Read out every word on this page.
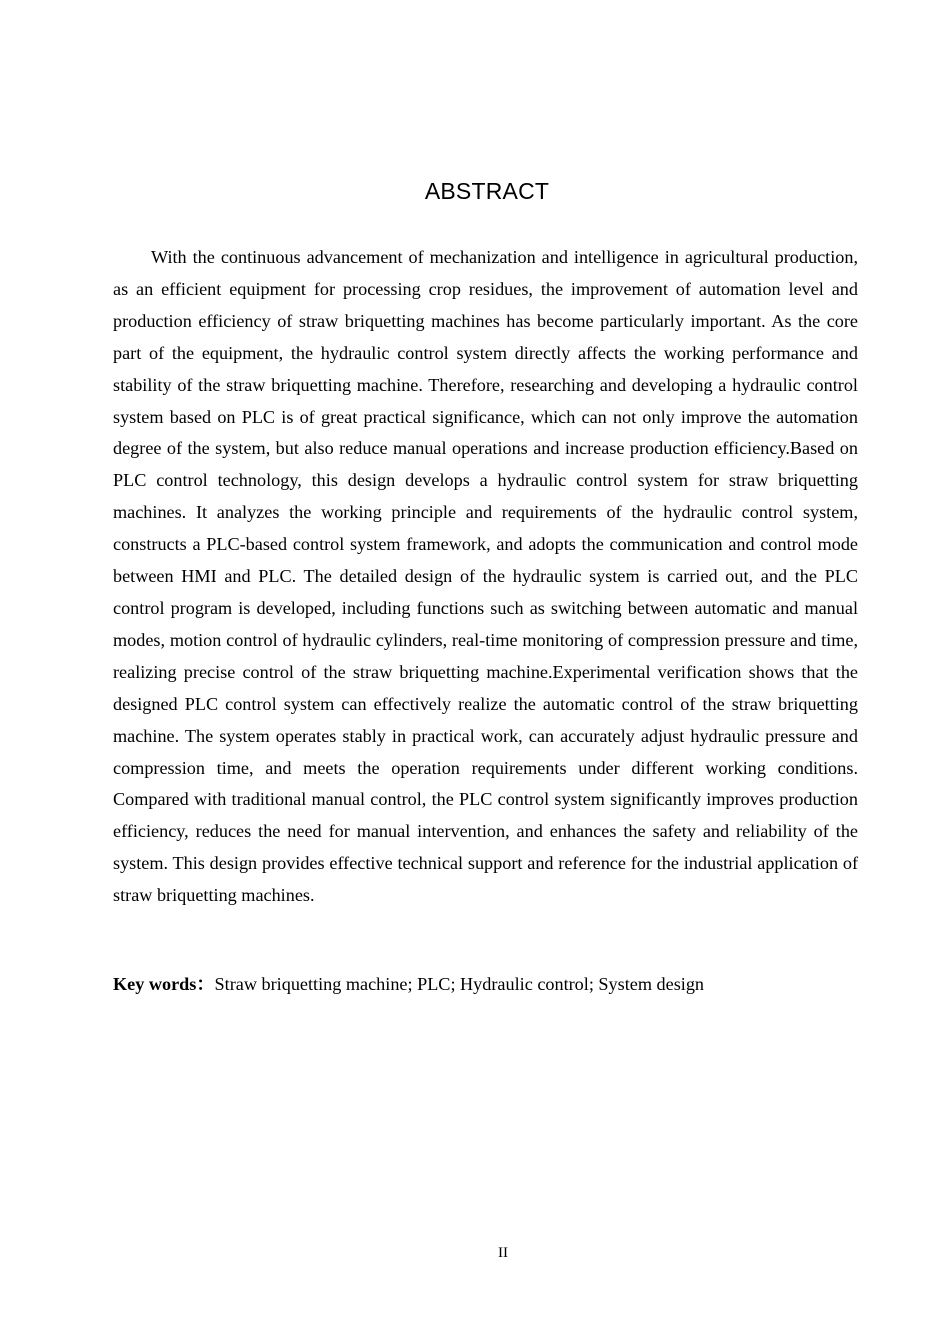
ABSTRACT

With the continuous advancement of mechanization and intelligence in agricultural production, as an efficient equipment for processing crop residues, the improvement of automation level and production efficiency of straw briquetting machines has become particularly important. As the core part of the equipment, the hydraulic control system directly affects the working performance and stability of the straw briquetting machine. Therefore, researching and developing a hydraulic control system based on PLC is of great practical significance, which can not only improve the automation degree of the system, but also reduce manual operations and increase production efficiency.Based on PLC control technology, this design develops a hydraulic control system for straw briquetting machines. It analyzes the working principle and requirements of the hydraulic control system, constructs a PLC-based control system framework, and adopts the communication and control mode between HMI and PLC. The detailed design of the hydraulic system is carried out, and the PLC control program is developed, including functions such as switching between automatic and manual modes, motion control of hydraulic cylinders, real-time monitoring of compression pressure and time, realizing precise control of the straw briquetting machine.Experimental verification shows that the designed PLC control system can effectively realize the automatic control of the straw briquetting machine. The system operates stably in practical work, can accurately adjust hydraulic pressure and compression time, and meets the operation requirements under different working conditions. Compared with traditional manual control, the PLC control system significantly improves production efficiency, reduces the need for manual intervention, and enhances the safety and reliability of the system. This design provides effective technical support and reference for the industrial application of straw briquetting machines.

Key words：Straw briquetting machine; PLC; Hydraulic control; System design

II
